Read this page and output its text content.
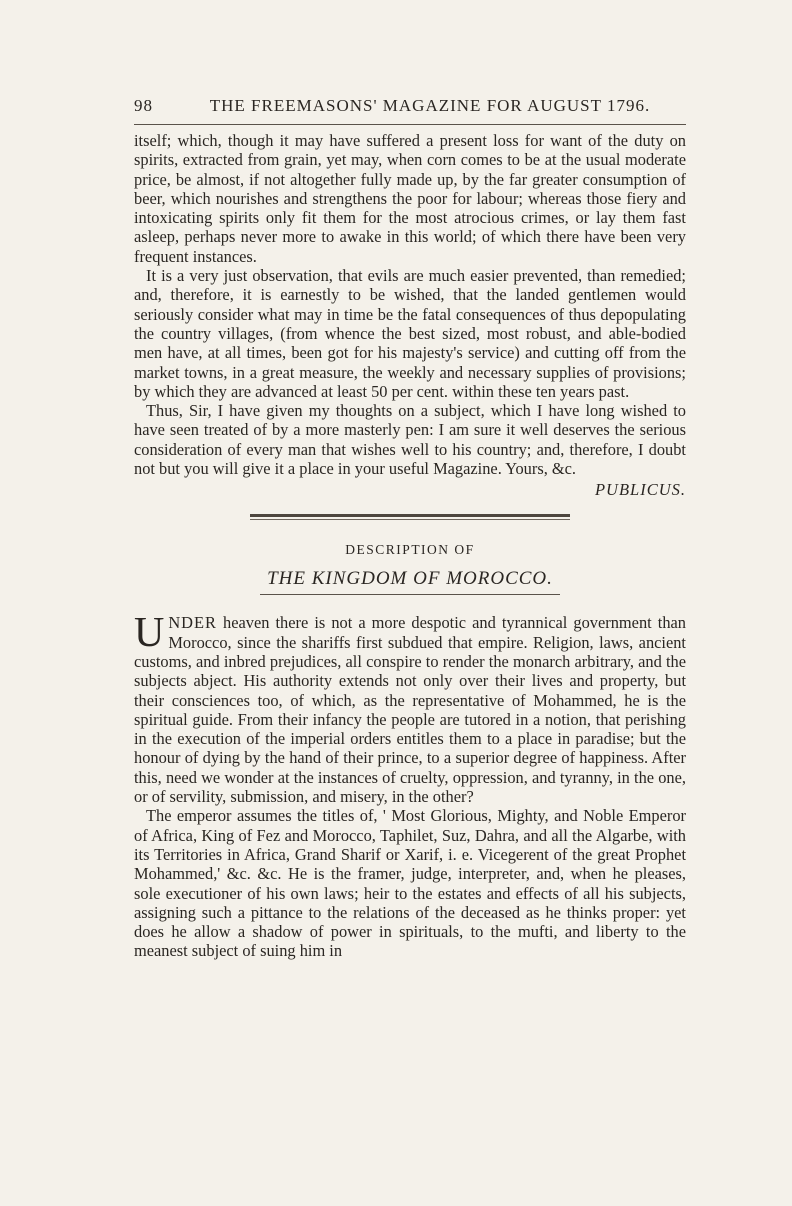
98	THE FREEMASONS' MAGAZINE FOR AUGUST 1796.

itself; which, though it may have suffered a present loss for want of the duty on spirits, extracted from grain, yet may, when corn comes to be at the usual moderate price, be almost, if not altogether fully made up, by the far greater consumption of beer, which nourishes and strengthens the poor for labour; whereas those fiery and intoxicating spirits only fit them for the most atrocious crimes, or lay them fast asleep, perhaps never more to awake in this world; of which there have been very frequent instances.

It is a very just observation, that evils are much easier prevented, than remedied; and, therefore, it is earnestly to be wished, that the landed gentlemen would seriously consider what may in time be the fatal consequences of thus depopulating the country villages, (from whence the best sized, most robust, and able-bodied men have, at all times, been got for his majesty's service) and cutting off from the market towns, in a great measure, the weekly and necessary supplies of provisions; by which they are advanced at least 50 per cent. within these ten years past.

Thus, Sir, I have given my thoughts on a subject, which I have long wished to have seen treated of by a more masterly pen: I am sure it well deserves the serious consideration of every man that wishes well to his country; and, therefore, I doubt not but you will give it a place in your useful Magazine. Yours, &c.

PUBLICUS.
DESCRIPTION OF
THE KINGDOM OF MOROCCO.

UNDER heaven there is not a more despotic and tyrannical government than Morocco, since the shariffs first subdued that empire. Religion, laws, ancient customs, and inbred prejudices, all conspire to render the monarch arbitrary, and the subjects abject. His authority extends not only over their lives and property, but their consciences too, of which, as the representative of Mohammed, he is the spiritual guide. From their infancy the people are tutored in a notion, that perishing in the execution of the imperial orders entitles them to a place in paradise; but the honour of dying by the hand of their prince, to a superior degree of happiness. After this, need we wonder at the instances of cruelty, oppression, and tyranny, in the one, or of servility, submission, and misery, in the other?

The emperor assumes the titles of, ' Most Glorious, Mighty, and Noble Emperor of Africa, King of Fez and Morocco, Taphilet, Suz, Dahra, and all the Algarbe, with its Territories in Africa, Grand Sharif or Xarif, i. e. Vicegerent of the great Prophet Mohammed,' &c. &c. He is the framer, judge, interpreter, and, when he pleases, sole executioner of his own laws; heir to the estates and effects of all his subjects, assigning such a pittance to the relations of the deceased as he thinks proper: yet does he allow a shadow of power in spirituals, to the mufti, and liberty to the meanest subject of suing him in
